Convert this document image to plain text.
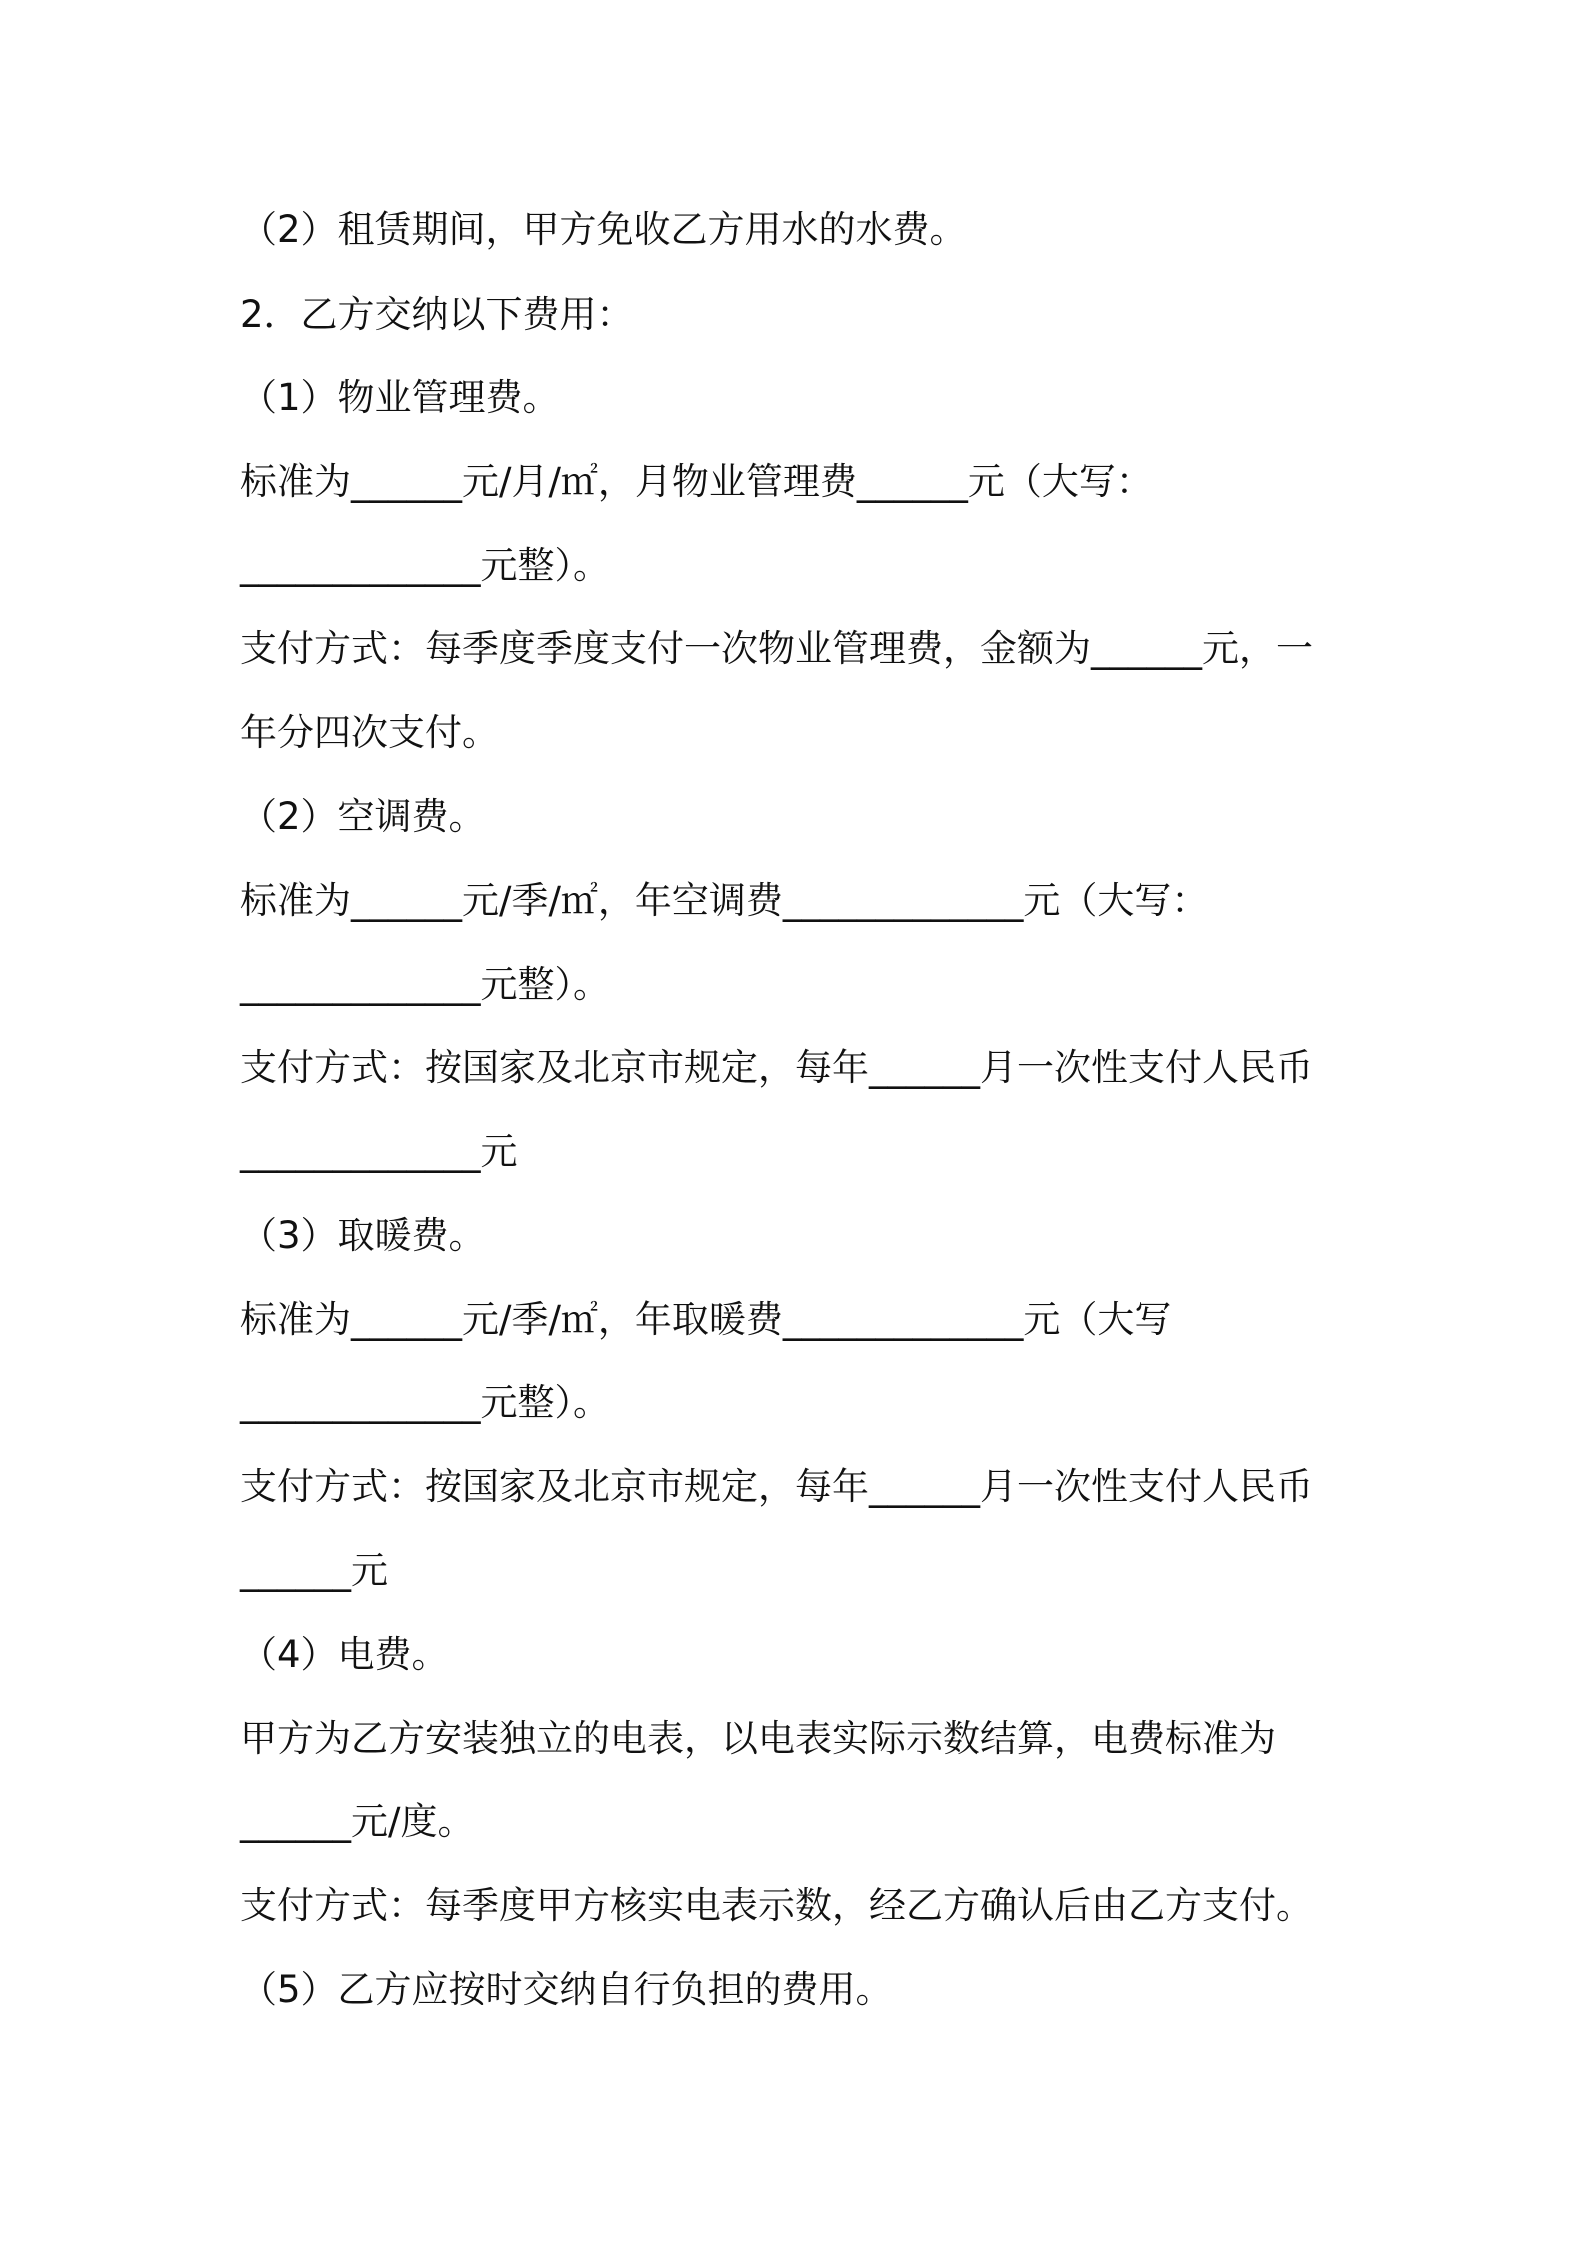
（2）租赁期间，甲方免收乙方用水的水费。
2．乙方交纳以下费用：
（1）物业管理费。
标准为______元/月/㎡，月物业管理费______元（大写：
_____________元整）。
支付方式：每季度季度支付一次物业管理费，金额为______元，一
年分四次支付。
（2）空调费。
标准为______元/季/㎡，年空调费_____________元（大写：
_____________元整）。
支付方式：按国家及北京市规定，每年______月一次性支付人民币
_____________元
（3）取暖费。
标准为______元/季/㎡，年取暖费_____________元（大写
_____________元整）。
支付方式：按国家及北京市规定，每年______月一次性支付人民币
______元
（4）电费。
甲方为乙方安装独立的电表，以电表实际示数结算，电费标准为
______元/度。
支付方式：每季度甲方核实电表示数，经乙方确认后由乙方支付。
（5）乙方应按时交纳自行负担的费用。
